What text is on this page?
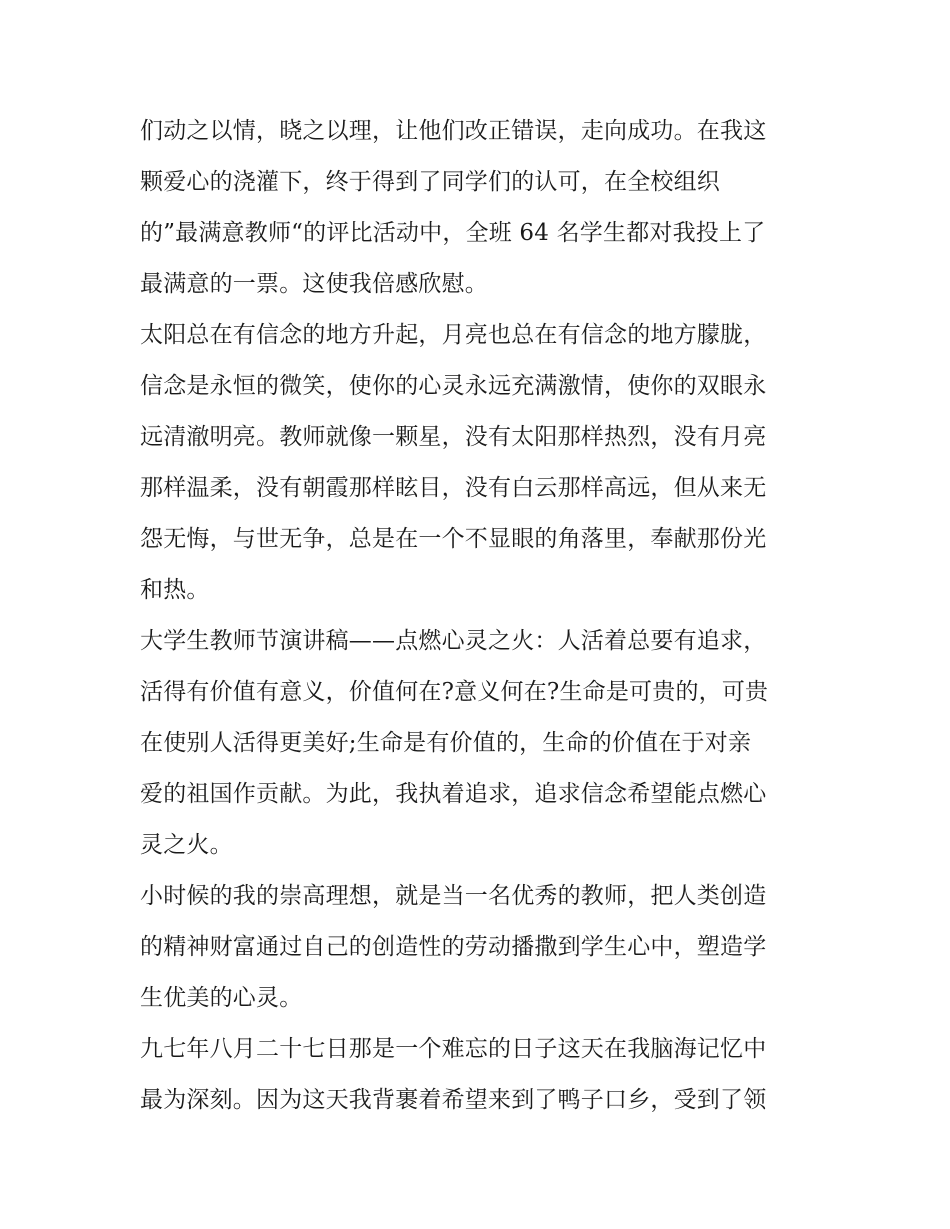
们动之以情，晓之以理，让他们改正错误，走向成功。在我这
颗爱心的浇灌下，终于得到了同学们的认可，在全校组织
的”最满意教师“的评比活动中，全班 64 名学生都对我投上了
最满意的一票。这使我倍感欣慰。
太阳总在有信念的地方升起，月亮也总在有信念的地方朦胧，
信念是永恒的微笑，使你的心灵永远充满激情，使你的双眼永
远清澈明亮。教师就像一颗星，没有太阳那样热烈，没有月亮
那样温柔，没有朝霞那样眩目，没有白云那样高远，但从来无
怨无悔，与世无争，总是在一个不显眼的角落里，奉献那份光
和热。
大学生教师节演讲稿——点燃心灵之火：人活着总要有追求，
活得有价值有意义，价值何在?意义何在?生命是可贵的，可贵
在使别人活得更美好;生命是有价值的，生命的价值在于对亲
爱的祖国作贡献。为此，我执着追求，追求信念希望能点燃心
灵之火。
小时候的我的崇高理想，就是当一名优秀的教师，把人类创造
的精神财富通过自己的创造性的劳动播撒到学生心中，塑造学
生优美的心灵。
九七年八月二十七日那是一个难忘的日子这天在我脑海记忆中
最为深刻。因为这天我背裹着希望来到了鸭子口乡，受到了领
